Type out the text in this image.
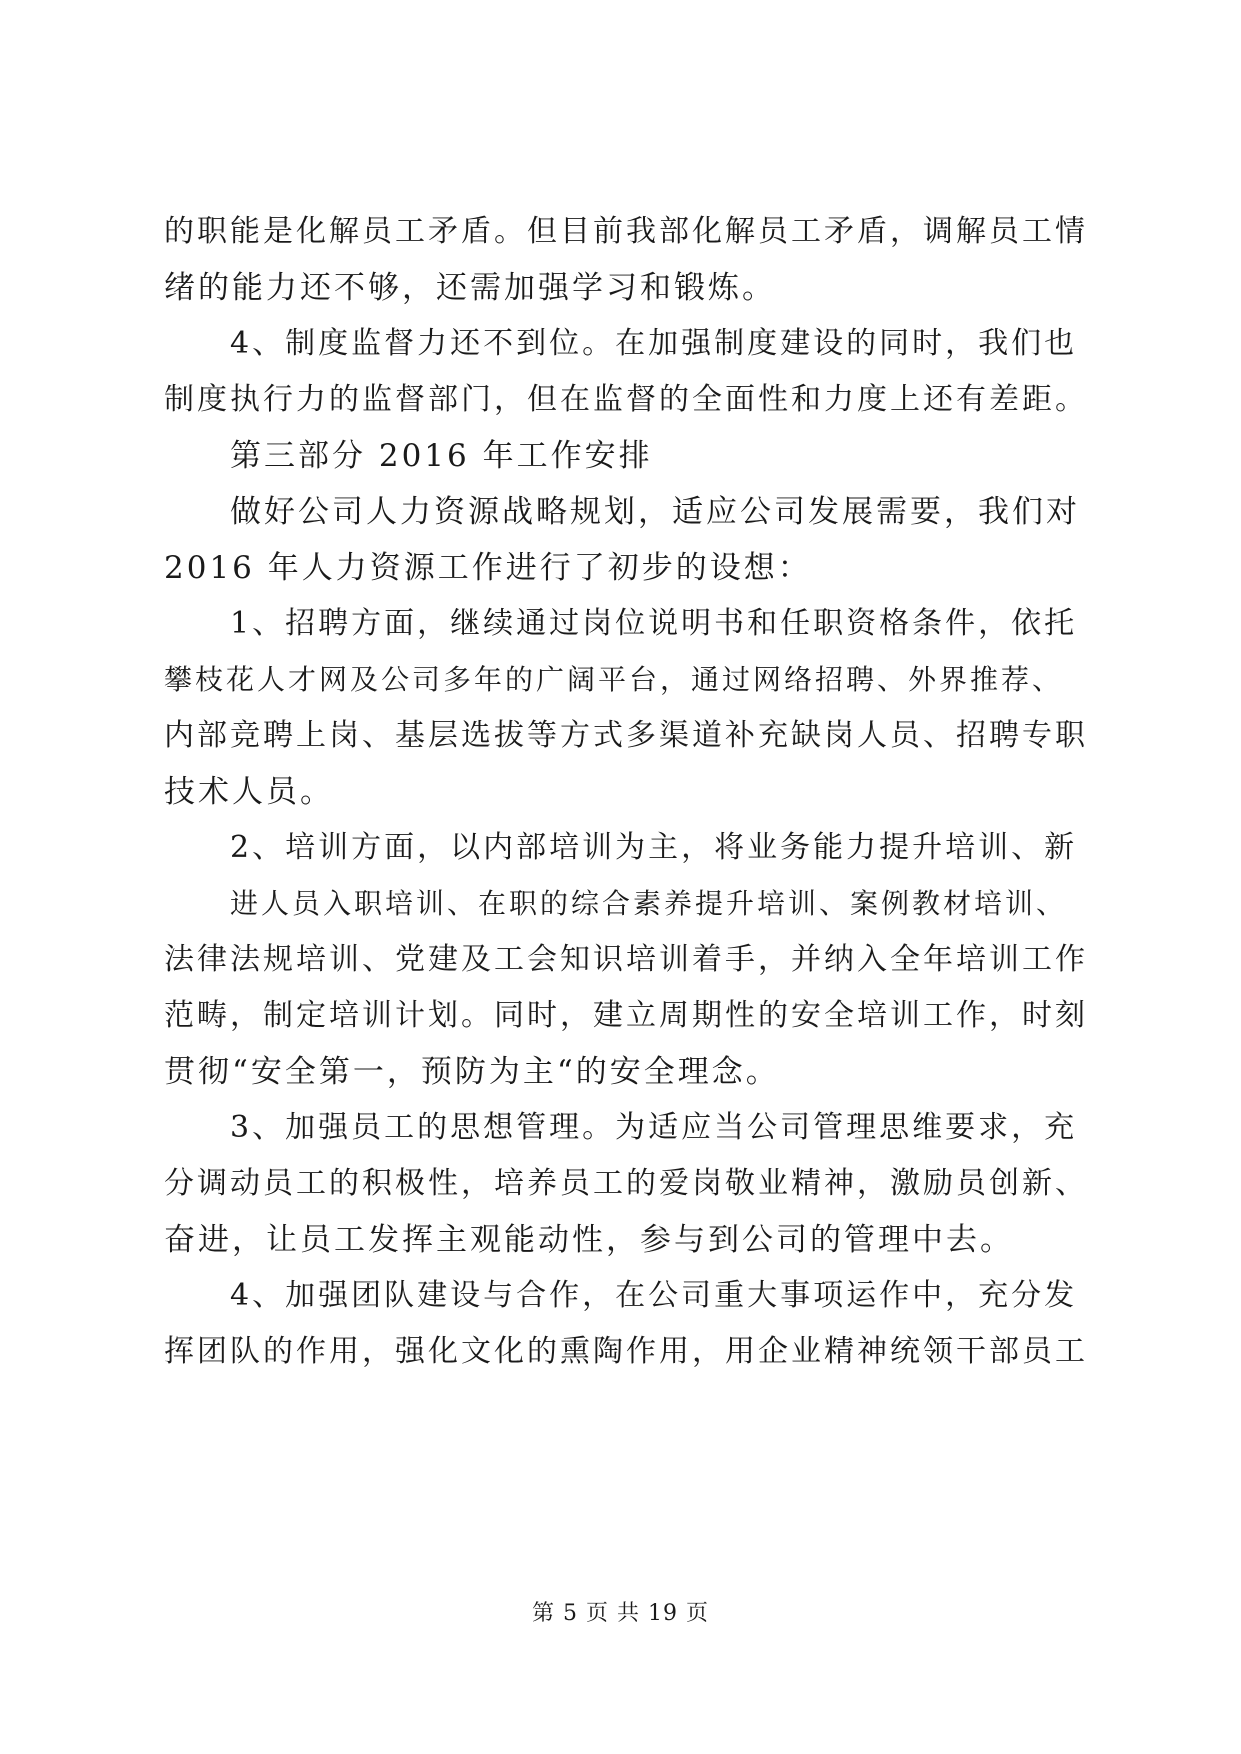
的职能是化解员工矛盾。但目前我部化解员工矛盾，调解员工情
绪的能力还不够，还需加强学习和锻炼。
4、制度监督力还不到位。在加强制度建设的同时，我们也
制度执行力的监督部门，但在监督的全面性和力度上还有差距。
第三部分 2016 年工作安排
做好公司人力资源战略规划，适应公司发展需要，我们对
2016 年人力资源工作进行了初步的设想：
1、招聘方面，继续通过岗位说明书和任职资格条件，依托
攀枝花人才网及公司多年的广阔平台，通过网络招聘、外界推荐、
内部竞聘上岗、基层选拔等方式多渠道补充缺岗人员、招聘专职
技术人员。
2、培训方面，以内部培训为主，将业务能力提升培训、新
进人员入职培训、在职的综合素养提升培训、案例教材培训、
法律法规培训、党建及工会知识培训着手，并纳入全年培训工作
范畴，制定培训计划。同时，建立周期性的安全培训工作，时刻
贯彻“安全第一，预防为主“的安全理念。
3、加强员工的思想管理。为适应当公司管理思维要求，充
分调动员工的积极性，培养员工的爱岗敬业精神，激励员创新、
奋进，让员工发挥主观能动性，参与到公司的管理中去。
4、加强团队建设与合作，在公司重大事项运作中，充分发
挥团队的作用，强化文化的熏陶作用，用企业精神统领干部员工
第 5 页 共 19 页
